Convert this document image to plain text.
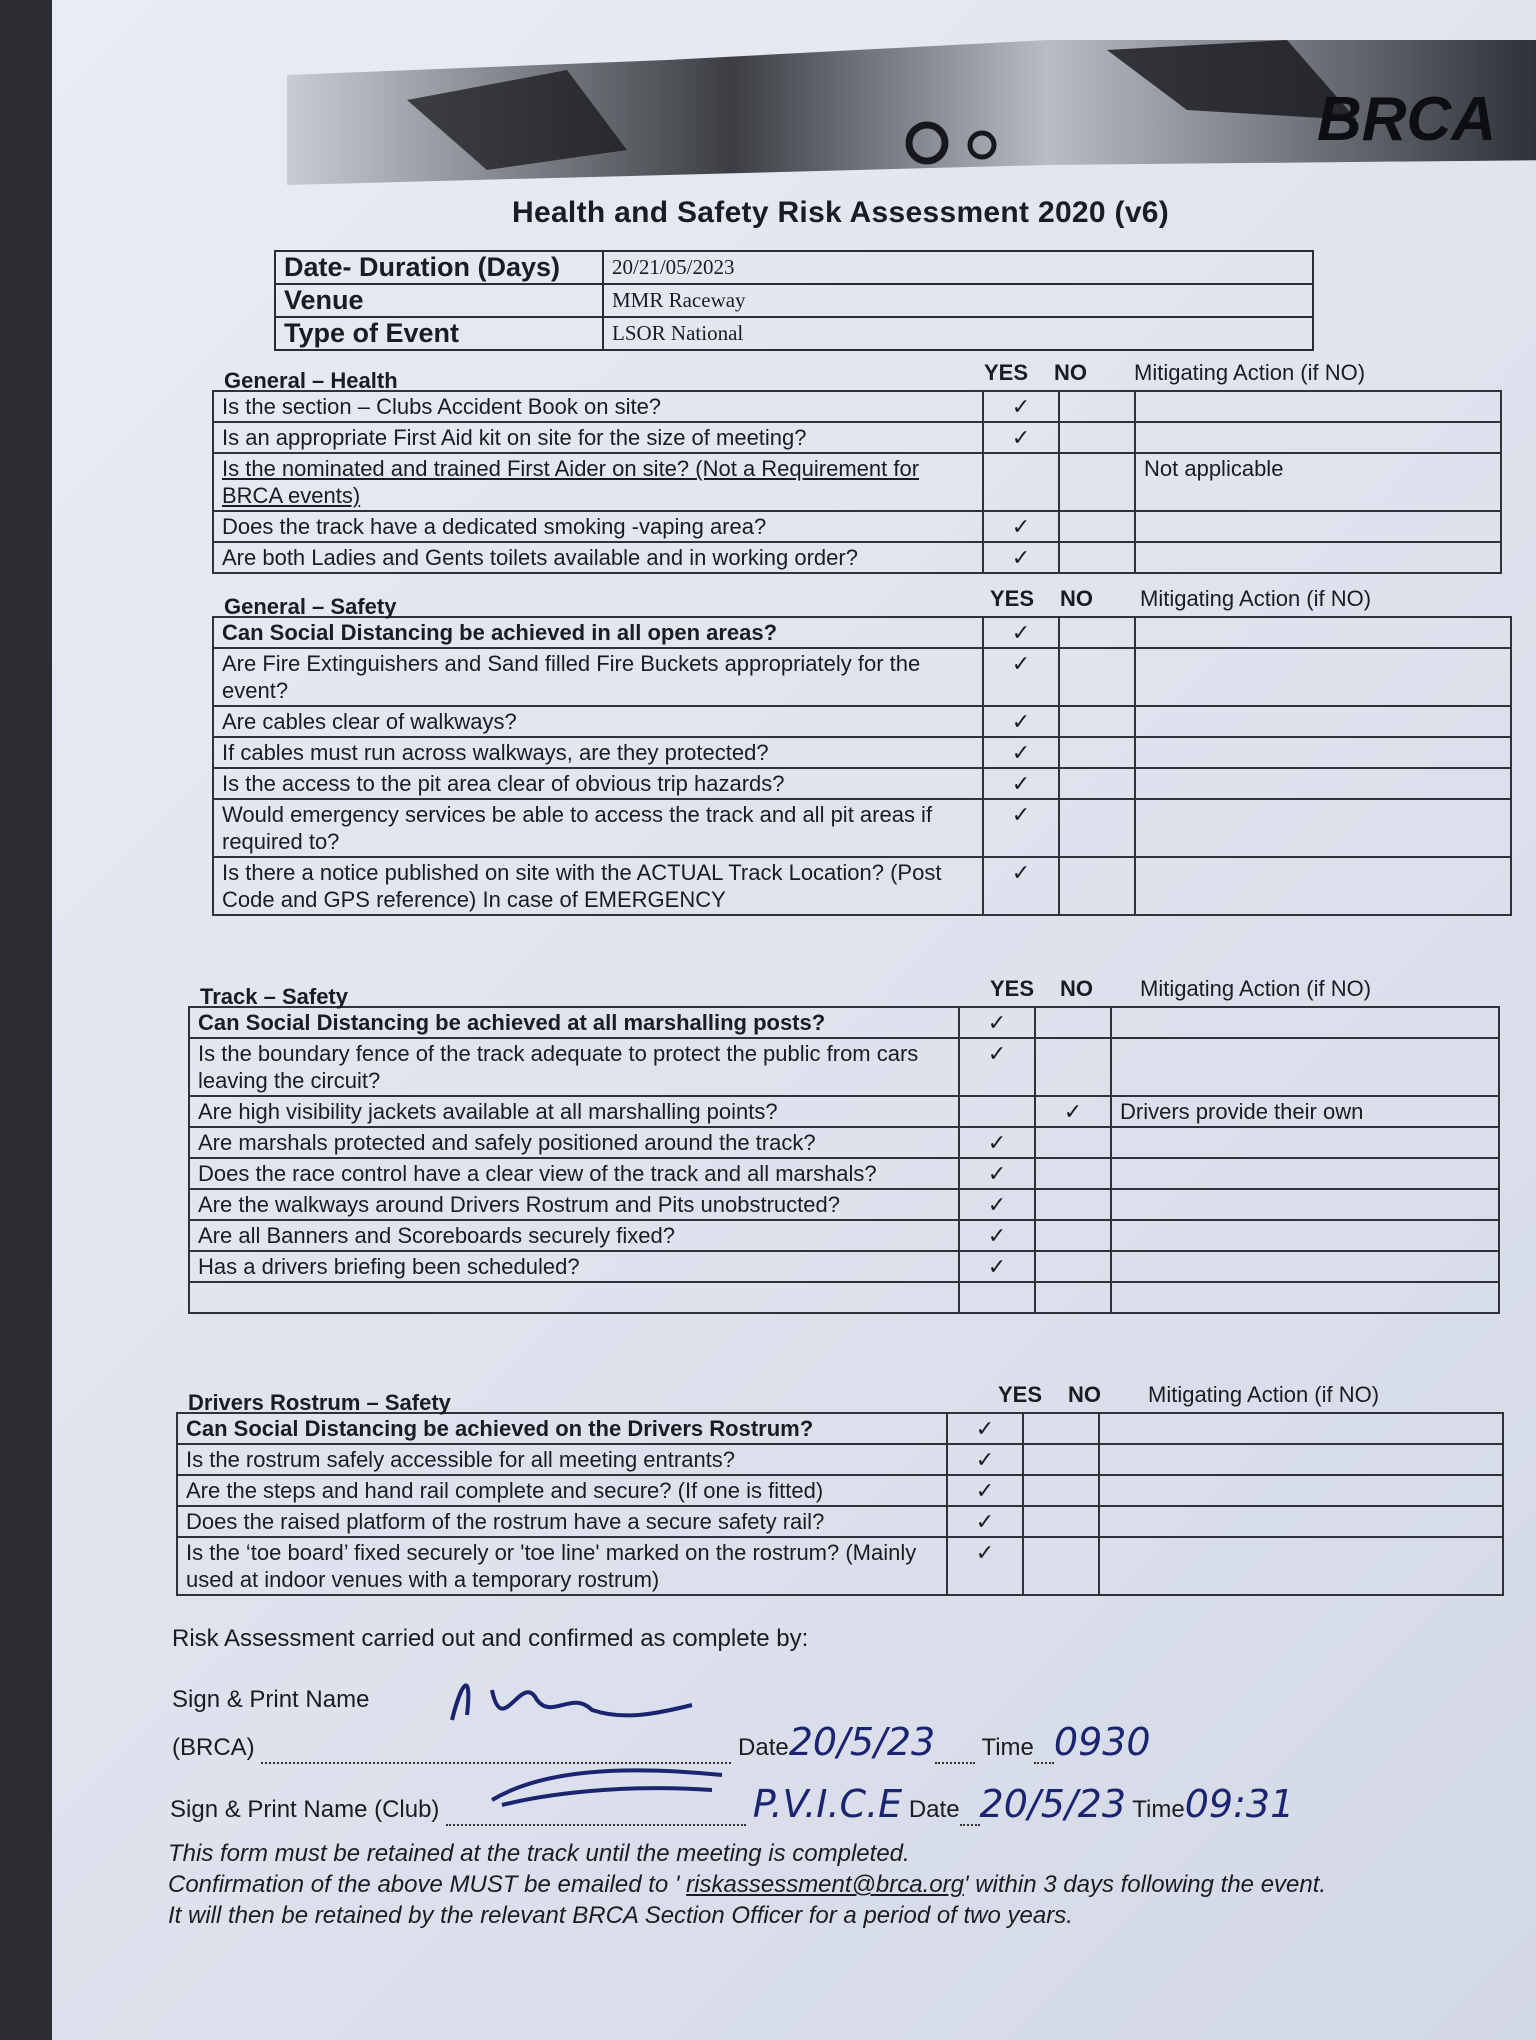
BRCA
Health and Safety Risk Assessment 2020 (v6)
Date- Duration (Days)	20/21/05/2023
Venue	MMR Raceway
Type of Event	LSOR National
General – Health	YES NO Mitigating Action (if NO)
Is the section – Clubs Accident Book on site?	✓		
Is an appropriate First Aid kit on site for the size of meeting?	✓		
Is the nominated and trained First Aider on site? (Not a Requirement for BRCA events)			Not applicable
Does the track have a dedicated smoking -vaping area?	✓		
Are both Ladies and Gents toilets available and in working order?	✓		
General – Safety	YES NO Mitigating Action (if NO)
Can Social Distancing be achieved in all open areas?	✓		
Are Fire Extinguishers and Sand filled Fire Buckets appropriately for the event?	✓		
Are cables clear of walkways?	✓		
If cables must run across walkways, are they protected?	✓		
Is the access to the pit area clear of obvious trip hazards?	✓		
Would emergency services be able to access the track and all pit areas if required to?	✓		
Is there a notice published on site with the ACTUAL Track Location? (Post Code and GPS reference) In case of EMERGENCY	✓		
Track – Safety	YES NO Mitigating Action (if NO)
Can Social Distancing be achieved at all marshalling posts?	✓		
Is the boundary fence of the track adequate to protect the public from cars leaving the circuit?	✓		
Are high visibility jackets available at all marshalling points?		✓	Drivers provide their own
Are marshals protected and safely positioned around the track?	✓		
Does the race control have a clear view of the track and all marshals?	✓		
Are the walkways around Drivers Rostrum and Pits unobstructed?	✓		
Are all Banners and Scoreboards securely fixed?	✓		
Has a drivers briefing been scheduled?	✓		

Drivers Rostrum – Safety	YES NO Mitigating Action (if NO)
Can Social Distancing be achieved on the Drivers Rostrum?	✓		
Is the rostrum safely accessible for all meeting entrants?	✓		
Are the steps and hand rail complete and secure? (If one is fitted)	✓		
Does the raised platform of the rostrum have a secure safety rail?	✓		
Is the ‘toe board’ fixed securely or 'toe line' marked on the rostrum? (Mainly used at indoor venues with a temporary rostrum)	✓		
Risk Assessment carried out and confirmed as complete by:
Sign & Print Name
(BRCA)	Date20/5/23 Time 0930
Sign & Print Name (Club)	P.V.I.C.E Date 20/5/23 Time09:31
This form must be retained at the track until the meeting is completed.
Confirmation of the above MUST be emailed to ' riskassessment@brca.org' within 3 days following the event.
It will then be retained by the relevant BRCA Section Officer for a period of two years.
